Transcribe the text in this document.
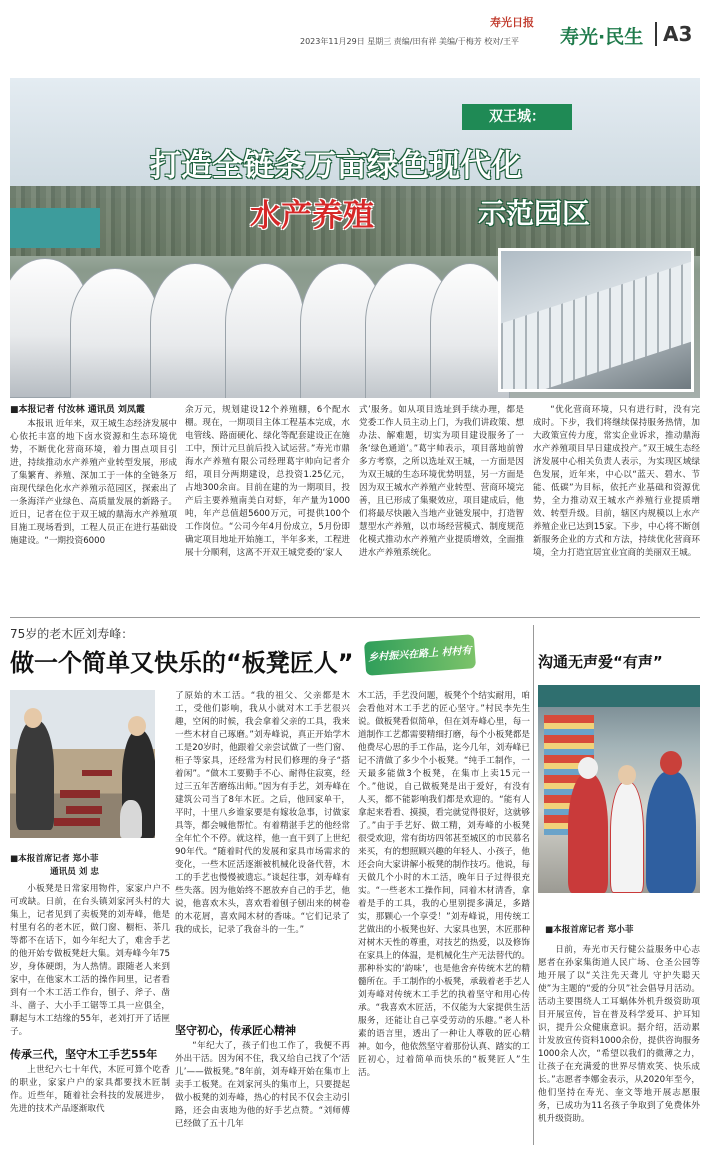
寿光日报
2023年11月29日 星期三 责编/田有祥 美编/于梅芳 校对/王平 寿光·民生 A3
双王城：
打造全链条万亩绿色现代化
水产养殖	示范园区
■本报记者 付汝林 通讯员 刘凤霞

本报讯 近年来，双王城生态经济发展中心依托丰富的地下卤水资源和生态环境优势，不断优化营商环境，着力围点项目引进，持续推动水产养殖产业转型发展，形成了集繁育、养殖、深加工于一体的全链条万亩现代绿色化水产养殖示范园区，探索出了一条海洋产业绿色、高质量发展的新路子。近日，记者在位于双王城的鼎海水产养殖项目施工现场看到，工程人员正在进行基础设施建设。“一期投资6000

余万元，规划建设12个养殖棚，6个配水棚。现在，一期项目主体工程基本完成，水电管线、路面硬化、绿化等配套建设正在施工中，预计元旦前后投入试运营。”寿光市鼎海水产养殖有限公司经理葛宇帅向记者介绍，项目分两期建设，总投资1.25亿元，占地300余亩。目前在建的为一期项目，投产后主要养殖南美白对虾，年产量为1000吨，年产总值超5600万元，可提供100个工作岗位。“公司今年4月份成立，5月份即确定项目地址开始施工，半年多来，工程进展十分顺利，这离不开双王城党委的‘家人

式’服务。如从项目选址到手续办理，都是党委工作人员主动上门，为我们讲政策、想办法、解难题，切实为项目建设服务了一条‘绿色通道’。”葛宇帅表示，项目落地前曾多方考察，之所以选址双王城，一方面是因为双王城的生态环境优势明显，另一方面是因为双王城水产养殖产业转型、营商环境完善，且已形成了集聚效应，项目建成后，他们将最尽快融入当地产业链发展中，打造智慧型水产养殖，以市场经营模式、制度规范化模式推动水产养殖产业提质增效，全面推进水产养殖系统化。

“优化营商环境，只有进行时，没有完成时。下步，我们将继续保持服务热情，加大政策宣传力度，常实企业诉求，推动鼎海水产养殖项目早日建成投产。”双王城生态经济发展中心相关负责人表示，为实现区域绿色发展，近年来，中心以“蓝天、碧水、节能、低碳”为目标，依托产业基础和资源优势，全力推动双王城水产养殖行业提质增效、转型升级。目前，辖区内规模以上水产养殖企业已达到15家。下步，中心将不断创新服务企业的方式和方法，持续优化营商环境，全力打造宜居宜业宜商的美丽双王城。

75岁的老木匠刘寿峰：
做一个简单又快乐的“板凳匠人”	乡村振兴在路上 村村有看头
■本报首席记者 郑小菲
通讯员 刘 忠

小板凳是日常家用物件，家家户户不可或缺。日前，在台头镇刘家河头村的大集上，记者见到了卖板凳的刘寿峰，他是村里有名的老木匠，做门窗、橱柜、茶几等都不在话下，如今年纪大了，难舍手艺的他开始专做板凳赶大集。刘寿峰今年75岁，身体硬朗，为人热情。跟随老人来到家中，在他家木工活的操作间里，记者看到有一个木工活工作台，刨子、斧子、凿斗、凿子、大小手工锯等工具一应俱全，聊起与木工结缘的55年，老刘打开了话匣子。

传承三代，坚守木工手艺55年

上世纪六七十年代，木匠可算个吃香的职业，家家户户的家具都要找木匠制作。近些年，随着社会科技的发展进步，先进的技术产品逐渐取代

了原始的木工活。“我的祖父、父亲都是木工，受他们影响，我从小就对木工手艺很兴趣，空闲的时候，我会拿着父亲的工具，我来一些木材自己琢磨。”刘寿峰说，真正开始学木工是20岁时，他跟着父亲尝试做了一些门窗、柜子等家具，还经常为村民们修理的身子“搭着闲”。“做木工要勤手不心、耐得住寂寞，经过三五年苦磨练出师。”因为有手艺，刘寿峰在建筑公司当了8年木匠。之后，他回家单干，平时，十里八乡谁家要是有嫁妆急事，讨做家具等，都会喊他帮忙。有着精湛手艺的他经常全年忙个不停。就这样，他一直干到了上世纪90年代。“随着时代的发展和家具市场需求的变化，一些木匠活逐渐被机械化设备代替，木工的手艺也慢慢被遗忘。”谈起往事，刘寿峰有些失落。因为他始终不愿放弃自己的手艺，他说，他喜欢木头，喜欢看着刨子刨出来的树卷的木花屑，喜欢闻木材的香味。“它们记录了我的成长，记录了我奋斗的一生。”

坚守初心，传承匠心精神

“年纪大了，孩子们也工作了，我便不再外出干活。因为闲不住，我又给自己找了个‘活儿’——做板凳。”8年前，刘寿峰开始在集市上卖手工板凳。在刘家河头的集市上，只要提起做小板凳的刘寿峰，热心的村民不仅会主动引路，还会由衷地为他的好手艺点赞。“刘师傅已经做了五十几年

木工活，手艺没问题，板凳个个结实耐用，咱会看他对木工手艺的匠心坚守。”村民李先生说。做板凳看似简单，但在刘寿峰心里，每一道制作工艺都需要精细打磨，每个小板凳都是他费尽心思的手工作品，迄今几年，刘寿峰已记不清做了多少个小板凳。“纯手工制作，一天最多能做3个板凳，在集市上卖15元一个。”他说，自己做板凳是出于爱好，有没有人买，都不能影响我们都是欢迎的。“能有人拿起来看看、摸摸，看完就觉得很好，这就够了。”由于手艺好、做工精，刘寿峰的小板凳很受欢迎，常有街坊四邻甚至城区的市民慕名来买，有的想照顾兴趣的年轻人、小孩子，他还会向大家讲解小板凳的制作技巧。他说，每天做几个小时的木工活，晚年日子过得很充实。“一些老木工操作间，同着木材清香，拿着是手的工具，我的心里别提多满足，多踏实，那颗心一个享受！”刘寿峰说，用传统工艺做出的小板凳也好、大家具也罢，木匠那种对树木天性的尊重，对技艺的热爱，以及修饰在家具上的体温，是机械化生产无法替代的。那种朴实的‘韵味’，也是他舍弃传统木艺的精髓所在。手工制作的小板凳，承载着老手艺人刘寿峰对传统木工手艺的执着坚守和用心传承。“我喜欢木匠活，不仅能为大家提供生活服务，还能让自己享受劳动的乐趣。”老人朴素的语言里，透出了一种让人尊敬的匠心精神。如今，他依然坚守着那份认真、踏实的工匠初心，过着简单而快乐的“板凳匠人”生活。

沟通无声爱“有声”
■本报首席记者 郑小菲

日前，寿光市天行健公益服务中心志愿者在孙家集街道人民广场、仓圣公园等地开展了以“关注先天聋儿 守护失聪天使”为主题的“爱的分贝”社会倡导月活动。活动主要围绕人工耳蜗体外机升级资助项目开展宣传，旨在普及科学爱耳、护耳知识，提升公众健康意识。据介绍，活动累计发放宣传资料1000余份，提供咨询服务1000余人次，“希望以我们的微薄之力，让孩子在充满爱的世界尽情欢笑、快乐成长。”志愿者李娜金表示，从2020年至今，他们坚持在寿光、奎文等地开展志愿服务，已成功为11名孩子争取到了免费体外机升级资助。
